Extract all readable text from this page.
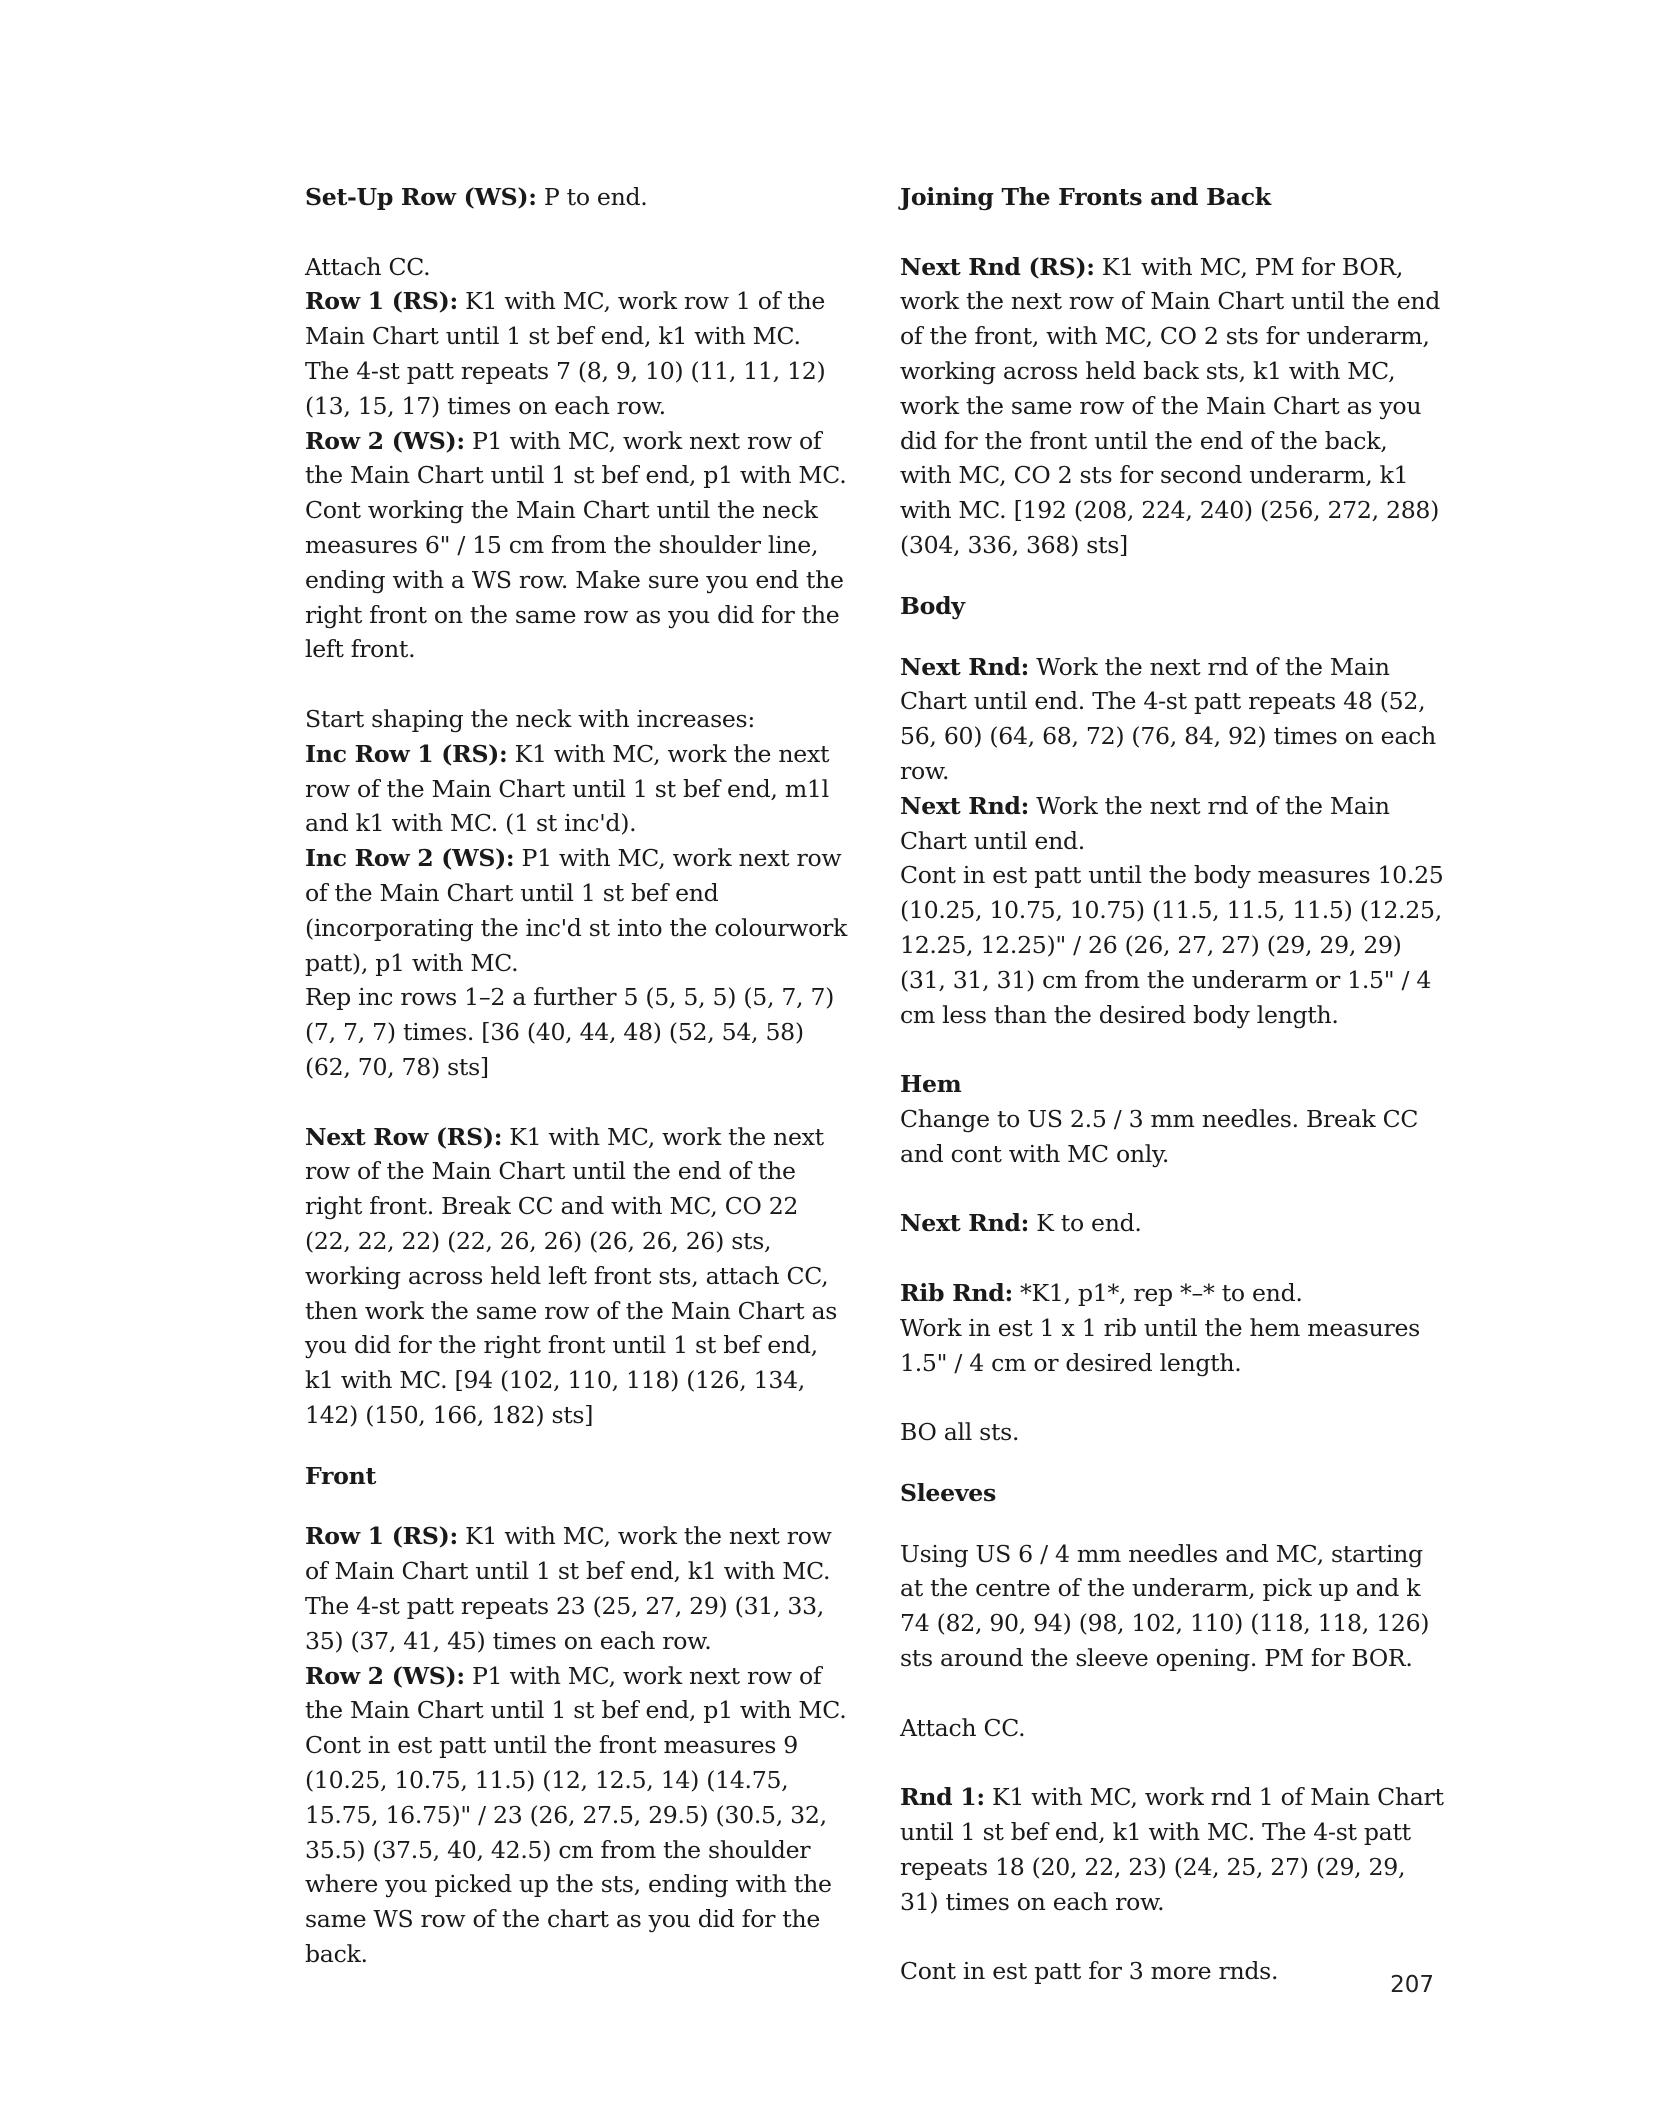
Set-Up Row (WS): P to end.

Attach CC.

Row 1 (RS): K1 with MC, work row 1 of the Main Chart until 1 st bef end, k1 with MC. The 4-st patt repeats 7 (8, 9, 10) (11, 11, 12) (13, 15, 17) times on each row.

Row 2 (WS): P1 with MC, work next row of the Main Chart until 1 st bef end, p1 with MC.

Cont working the Main Chart until the neck measures 6" / 15 cm from the shoulder line, ending with a WS row. Make sure you end the right front on the same row as you did for the left front.

Start shaping the neck with increases:

Inc Row 1 (RS): K1 with MC, work the next row of the Main Chart until 1 st bef end, m1l and k1 with MC. (1 st inc'd).

Inc Row 2 (WS): P1 with MC, work next row of the Main Chart until 1 st bef end (incorporating the inc'd st into the colourwork patt), p1 with MC.

Rep inc rows 1–2 a further 5 (5, 5, 5) (5, 7, 7) (7, 7, 7) times. [36 (40, 44, 48) (52, 54, 58) (62, 70, 78) sts]

Next Row (RS): K1 with MC, work the next row of the Main Chart until the end of the right front. Break CC and with MC, CO 22 (22, 22, 22) (22, 26, 26) (26, 26, 26) sts, working across held left front sts, attach CC, then work the same row of the Main Chart as you did for the right front until 1 st bef end, k1 with MC. [94 (102, 110, 118) (126, 134, 142) (150, 166, 182) sts]

Front

Row 1 (RS): K1 with MC, work the next row of Main Chart until 1 st bef end, k1 with MC. The 4-st patt repeats 23 (25, 27, 29) (31, 33, 35) (37, 41, 45) times on each row.

Row 2 (WS): P1 with MC, work next row of the Main Chart until 1 st bef end, p1 with MC.

Cont in est patt until the front measures 9 (10.25, 10.75, 11.5) (12, 12.5, 14) (14.75, 15.75, 16.75)" / 23 (26, 27.5, 29.5) (30.5, 32, 35.5) (37.5, 40, 42.5) cm from the shoulder where you picked up the sts, ending with the same WS row of the chart as you did for the back.

Joining The Fronts and Back

Next Rnd (RS): K1 with MC, PM for BOR, work the next row of Main Chart until the end of the front, with MC, CO 2 sts for underarm, working across held back sts, k1 with MC, work the same row of the Main Chart as you did for the front until the end of the back, with MC, CO 2 sts for second underarm, k1 with MC. [192 (208, 224, 240) (256, 272, 288) (304, 336, 368) sts]

Body

Next Rnd: Work the next rnd of the Main Chart until end. The 4-st patt repeats 48 (52, 56, 60) (64, 68, 72) (76, 84, 92) times on each row.

Next Rnd: Work the next rnd of the Main Chart until end.

Cont in est patt until the body measures 10.25 (10.25, 10.75, 10.75) (11.5, 11.5, 11.5) (12.25, 12.25, 12.25)" / 26 (26, 27, 27) (29, 29, 29) (31, 31, 31) cm from the underarm or 1.5" / 4 cm less than the desired body length.

Hem

Change to US 2.5 / 3 mm needles. Break CC and cont with MC only.

Next Rnd: K to end.

Rib Rnd: *K1, p1*, rep *–* to end.

Work in est 1 x 1 rib until the hem measures 1.5" / 4 cm or desired length.

BO all sts.

Sleeves

Using US 6 / 4 mm needles and MC, starting at the centre of the underarm, pick up and k 74 (82, 90, 94) (98, 102, 110) (118, 118, 126) sts around the sleeve opening. PM for BOR.

Attach CC.

Rnd 1: K1 with MC, work rnd 1 of Main Chart until 1 st bef end, k1 with MC. The 4-st patt repeats 18 (20, 22, 23) (24, 25, 27) (29, 29, 31) times on each row.

Cont in est patt for 3 more rnds.	207
